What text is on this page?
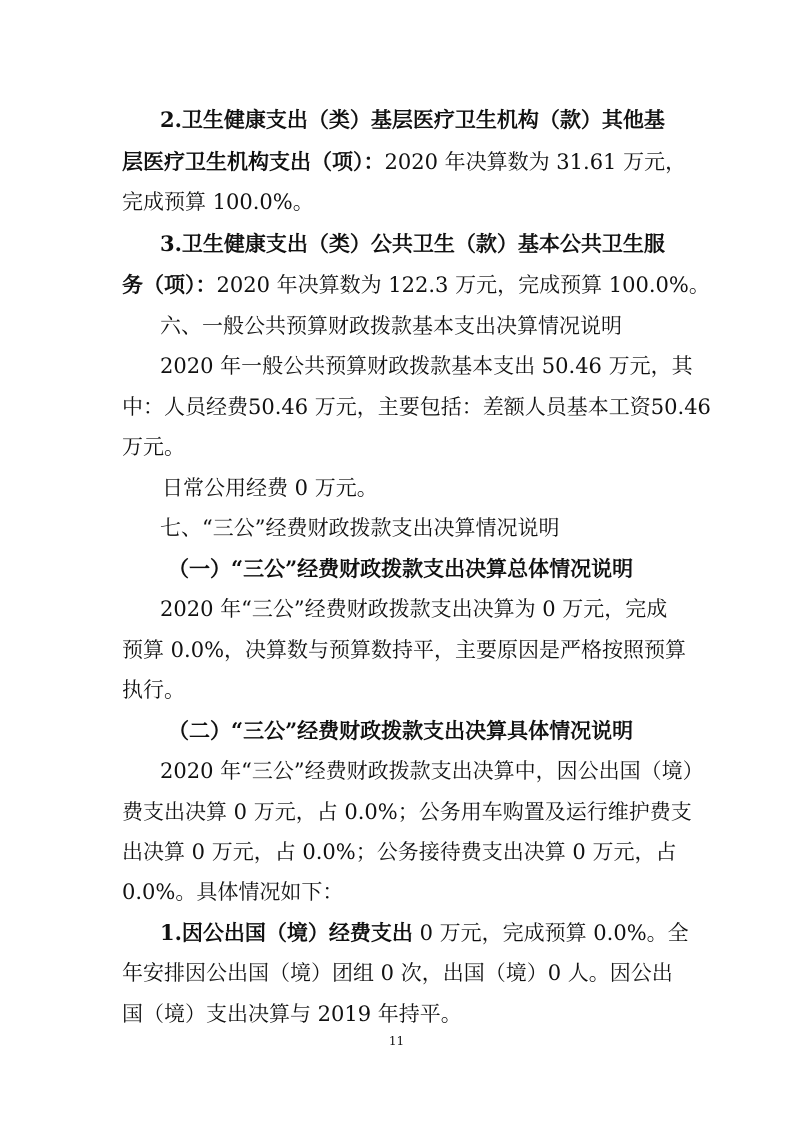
2.卫生健康支出（类）基层医疗卫生机构（款）其他基
层医疗卫生机构支出（项）：2020 年决算数为 31.61 万元，
完成预算 100.0%。
3.卫生健康支出（类）公共卫生（款）基本公共卫生服
务（项）：2020 年决算数为 122.3 万元，完成预算 100.0%。
六、一般公共预算财政拨款基本支出决算情况说明
2020 年一般公共预算财政拨款基本支出 50.46 万元，其
中：人员经费50.46 万元，主要包括：差额人员基本工资50.46
万元。
日常公用经费 0 万元。
七、“三公”经费财政拨款支出决算情况说明
（一）“三公”经费财政拨款支出决算总体情况说明
2020 年“三公”经费财政拨款支出决算为 0 万元，完成
预算 0.0%，决算数与预算数持平，主要原因是严格按照预算
执行。
（二）“三公”经费财政拨款支出决算具体情况说明
2020 年“三公”经费财政拨款支出决算中，因公出国（境）
费支出决算 0 万元，占 0.0%；公务用车购置及运行维护费支
出决算 0 万元，占 0.0%；公务接待费支出决算 0 万元，占
0.0%。具体情况如下：
1.因公出国（境）经费支出 0 万元，完成预算 0.0%。全
年安排因公出国（境）团组 0 次，出国（境）0 人。因公出
国（境）支出决算与 2019 年持平。
11
